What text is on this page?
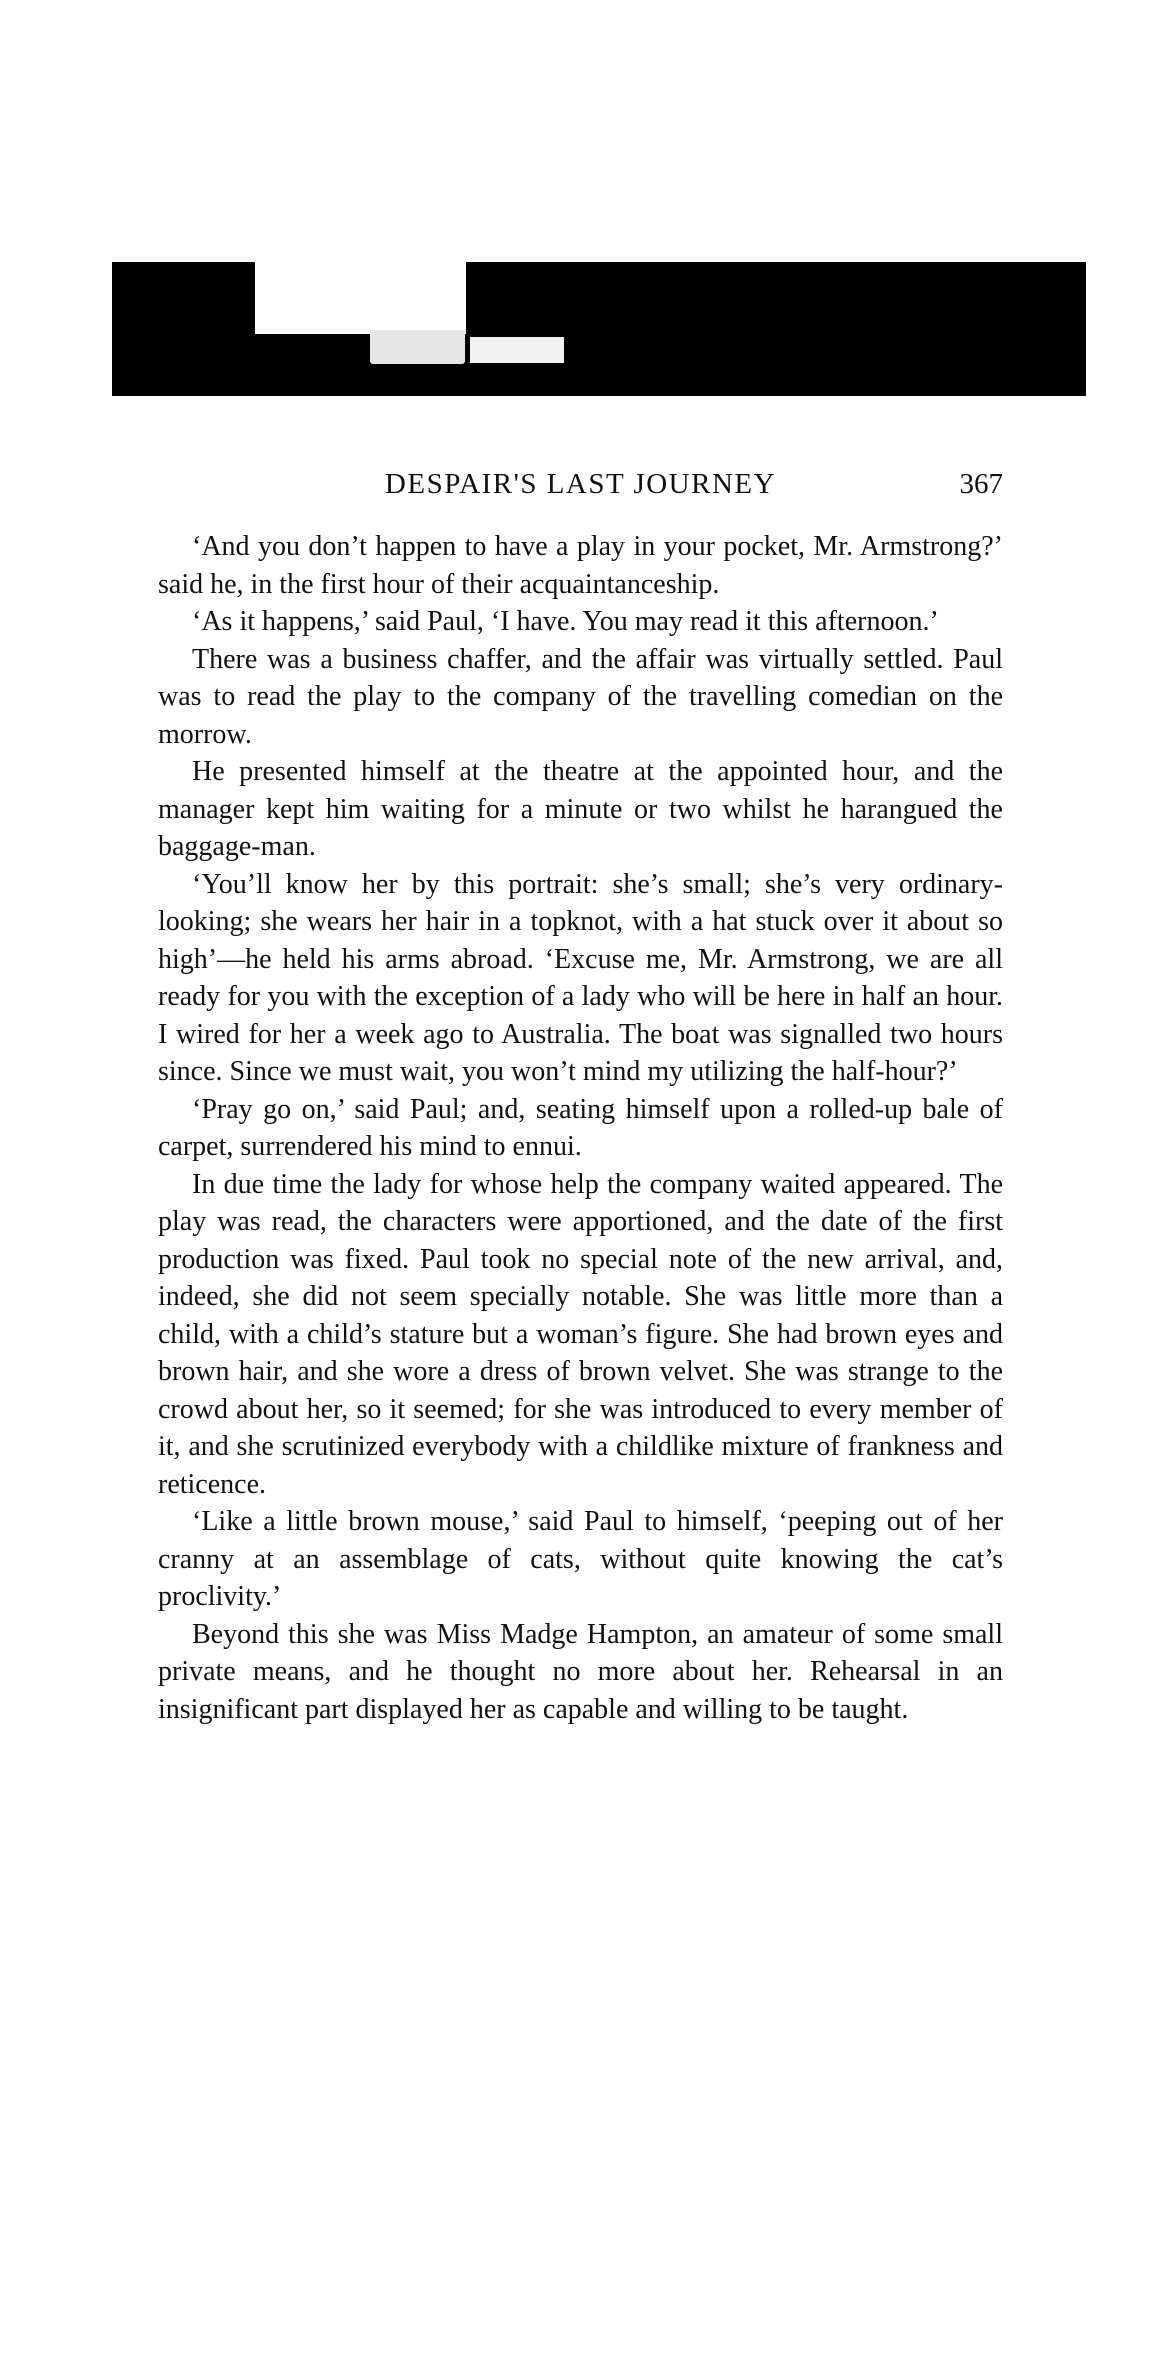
DESPAIR'S LAST JOURNEY	367

‘And you don’t happen to have a play in your pocket, Mr. Armstrong?’ said he, in the first hour of their acquaintanceship.

‘As it happens,’ said Paul, ‘I have. You may read it this afternoon.’

There was a business chaffer, and the affair was virtually settled. Paul was to read the play to the company of the travelling comedian on the morrow.

He presented himself at the theatre at the appointed hour, and the manager kept him waiting for a minute or two whilst he harangued the baggage-man.

‘You’ll know her by this portrait: she’s small; she’s very ordinary-looking; she wears her hair in a topknot, with a hat stuck over it about so high’—he held his arms abroad. ‘Excuse me, Mr. Armstrong, we are all ready for you with the exception of a lady who will be here in half an hour. I wired for her a week ago to Australia. The boat was signalled two hours since. Since we must wait, you won’t mind my utilizing the half-hour?’

‘Pray go on,’ said Paul; and, seating himself upon a rolled-up bale of carpet, surrendered his mind to ennui.

In due time the lady for whose help the company waited appeared. The play was read, the characters were apportioned, and the date of the first production was fixed. Paul took no special note of the new arrival, and, indeed, she did not seem specially notable. She was little more than a child, with a child’s stature but a woman’s figure. She had brown eyes and brown hair, and she wore a dress of brown velvet. She was strange to the crowd about her, so it seemed; for she was introduced to every member of it, and she scrutinized everybody with a childlike mixture of frankness and reticence.

‘Like a little brown mouse,’ said Paul to himself, ‘peeping out of her cranny at an assemblage of cats, without quite knowing the cat’s proclivity.’

Beyond this she was Miss Madge Hampton, an amateur of some small private means, and he thought no more about her. Rehearsal in an insignificant part displayed her as capable and willing to be taught.
